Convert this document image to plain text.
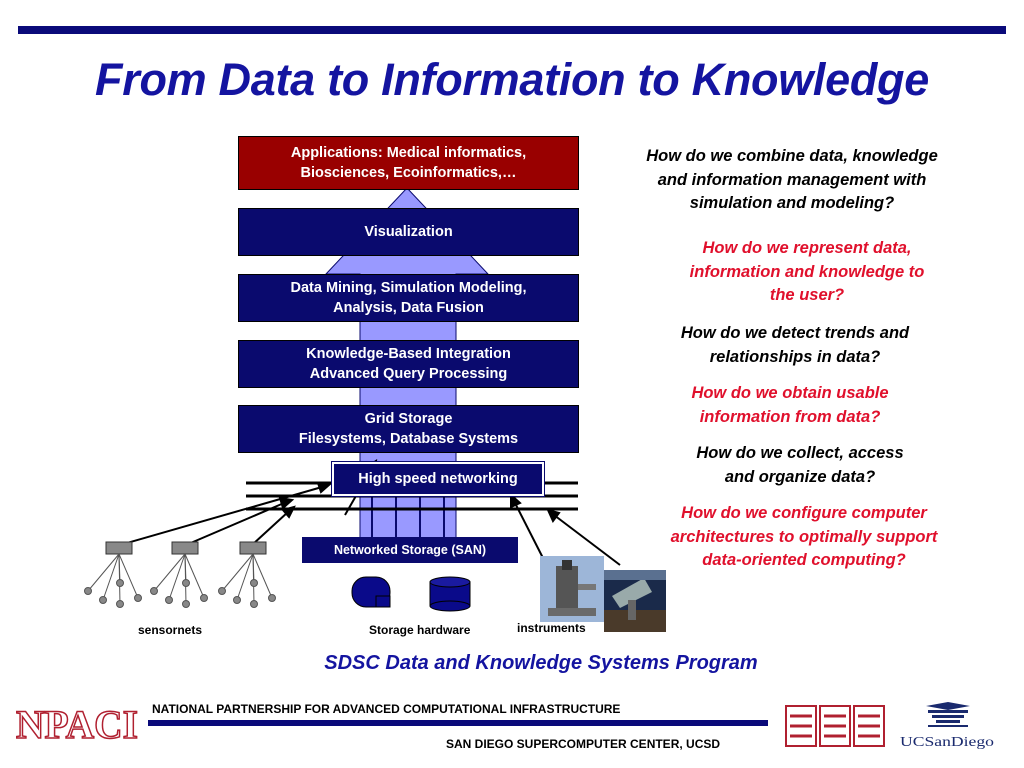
From Data to Information to Knowledge
Applications: Medical informatics,
Biosciences, Ecoinformatics,…
Visualization
Data Mining, Simulation Modeling,
Analysis, Data Fusion
Knowledge-Based Integration
Advanced Query Processing
Grid Storage
Filesystems, Database Systems
High speed networking
Networked Storage (SAN)
How do we combine data, knowledge
and information management with
simulation and modeling?
How do we represent data,
information and knowledge to
the user?
How do we detect trends and
relationships in data?
How do we obtain usable
information from data?
How do we collect, access
and organize data?
How do we configure computer
architectures to optimally support
data-oriented computing?
sensornets	Storage hardware	instruments
SDSC Data and Knowledge Systems Program
NPACI NATIONAL PARTNERSHIP FOR ADVANCED COMPUTATIONAL INFRASTRUCTURE
SAN DIEGO SUPERCOMPUTER CENTER, UCSD	UCSanDiego
